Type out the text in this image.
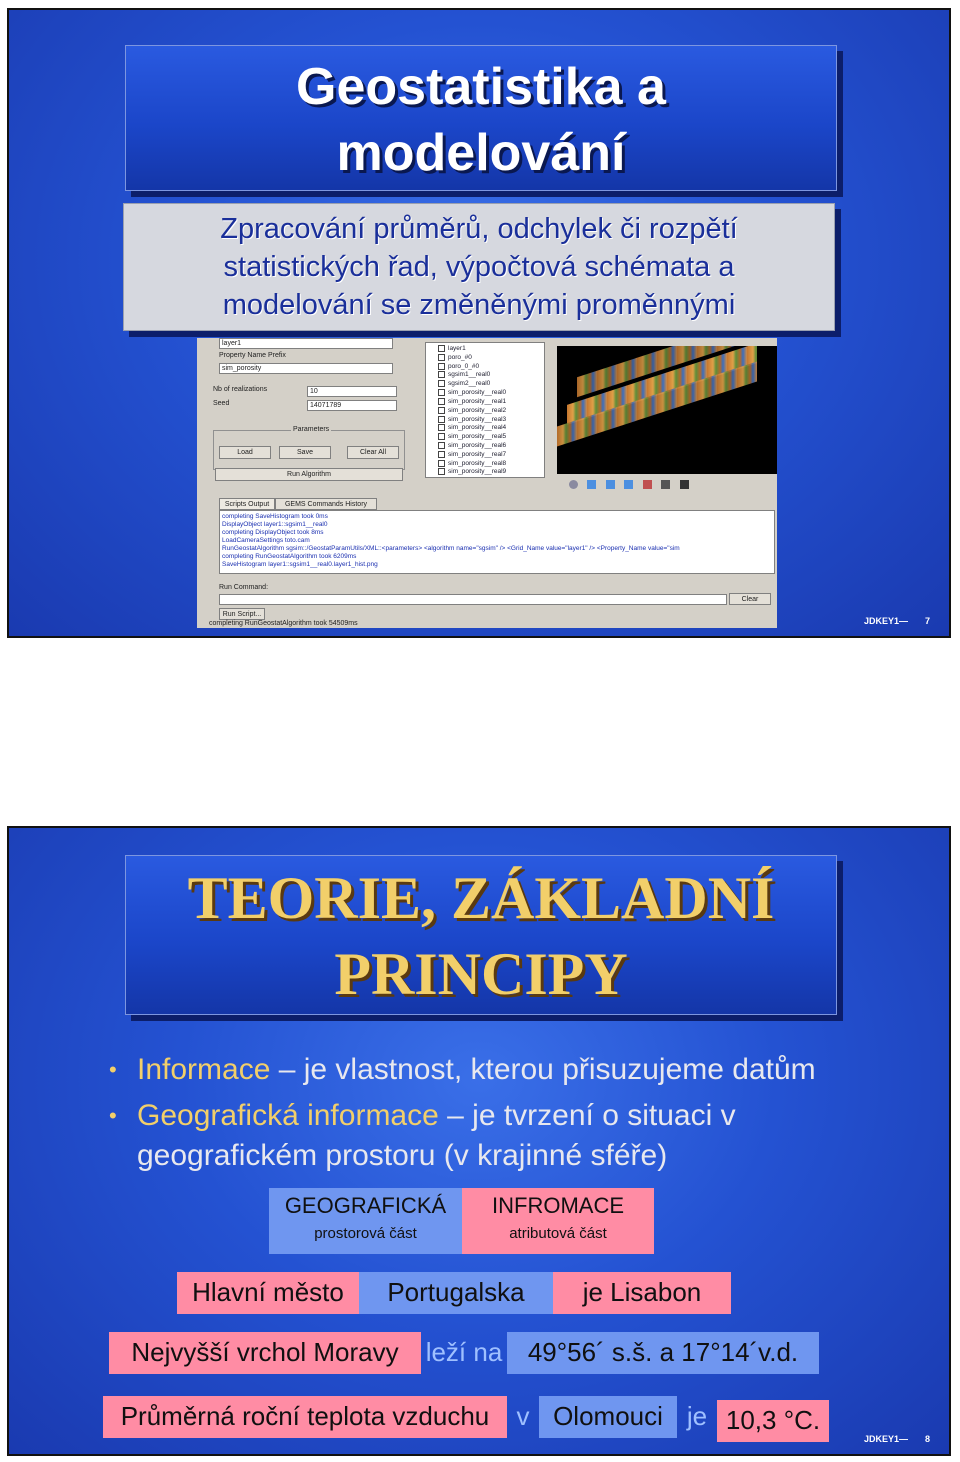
Geostatistika a
modelování
layer1
Property Name Prefix
sim_porosity
Nb of realizations	10
Seed	14071789
Parameters
Load	Save	Clear All
Run Algorithm
layer1
poro_#0
poro_0_#0
sgsim1__real0
sgsim2__real0
sim_porosity__real0
sim_porosity__real1
sim_porosity__real2
sim_porosity__real3
sim_porosity__real4
sim_porosity__real5
sim_porosity__real6
sim_porosity__real7
sim_porosity__real8
sim_porosity__real9

Scripts Output	GEMS Commands History
completing SaveHistogram took 0ms
DisplayObject layer1::sgsim1__real0
completing DisplayObject took 8ms
LoadCameraSettings toto.cam
RunGeostatAlgorithm sgsim::/GeostatParamUtils/XML::<parameters> <algorithm name="sgsim" /> <Grid_Name value="layer1" /> <Property_Name value="sim
completing RunGeostatAlgorithm took 6209ms
SaveHistogram layer1::sgsim1__real0.layer1_hist.png
Run Command:
Clear
Run Script...
completing RunGeostatAlgorithm took 54509ms
Zpracování průměrů, odchylek či rozpětí
statistických řad, výpočtová schémata a
modelování se změněnými proměnnými
JDKEY1— 7
TEORIE, ZÁKLADNÍ
PRINCIPY
• Informace – je vlastnost, kterou přisuzujeme datům
• Geografická informace – je tvrzení o situaci v
geografickém prostoru (v krajinné sféře)
GEOGRAFICKÁ
prostorová část
INFROMACE
atributová část
Hlavní město	Portugalska	je Lisabon
Nejvyšší vrchol Moravy	leží na 49°56´ s.š. a 17°14´v.d.
Průměrná roční teplota vzduchu	v Olomouci je 10,3 °C.
JDKEY1— 8
